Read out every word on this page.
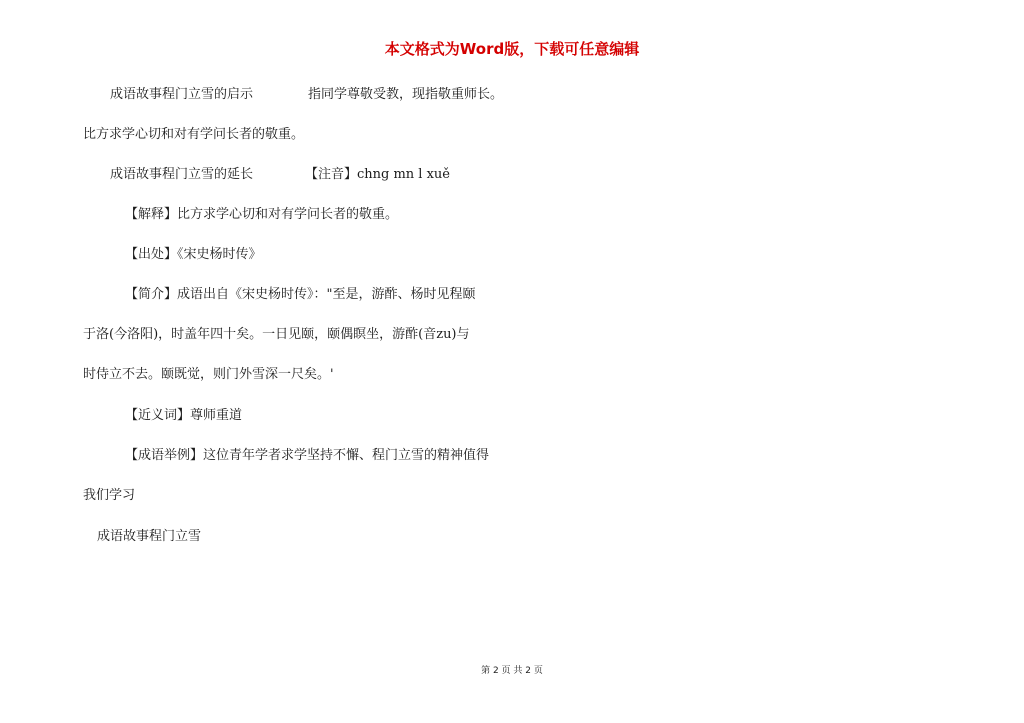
本文格式为Word版，下载可任意编辑
成语故事程门立雪的启示	指同学尊敬受教，现指敬重师长。
比方求学心切和对有学问长者的敬重。
成语故事程门立雪的延长	【注音】chng mn l xuě
【解释】比方求学心切和对有学问长者的敬重。
【出处】《宋史杨时传》
【简介】成语出自《宋史杨时传》："至是，游酢、杨时见程颐
于洛(今洛阳)，时盖年四十矣。一日见颐，颐偶瞑坐，游酢(音zu)与
时侍立不去。颐既觉，则门外雪深一尺矣。'
【近义词】尊师重道
【成语举例】这位青年学者求学坚持不懈、程门立雪的精神值得
我们学习
成语故事程门立雪
第 2 页 共 2 页
